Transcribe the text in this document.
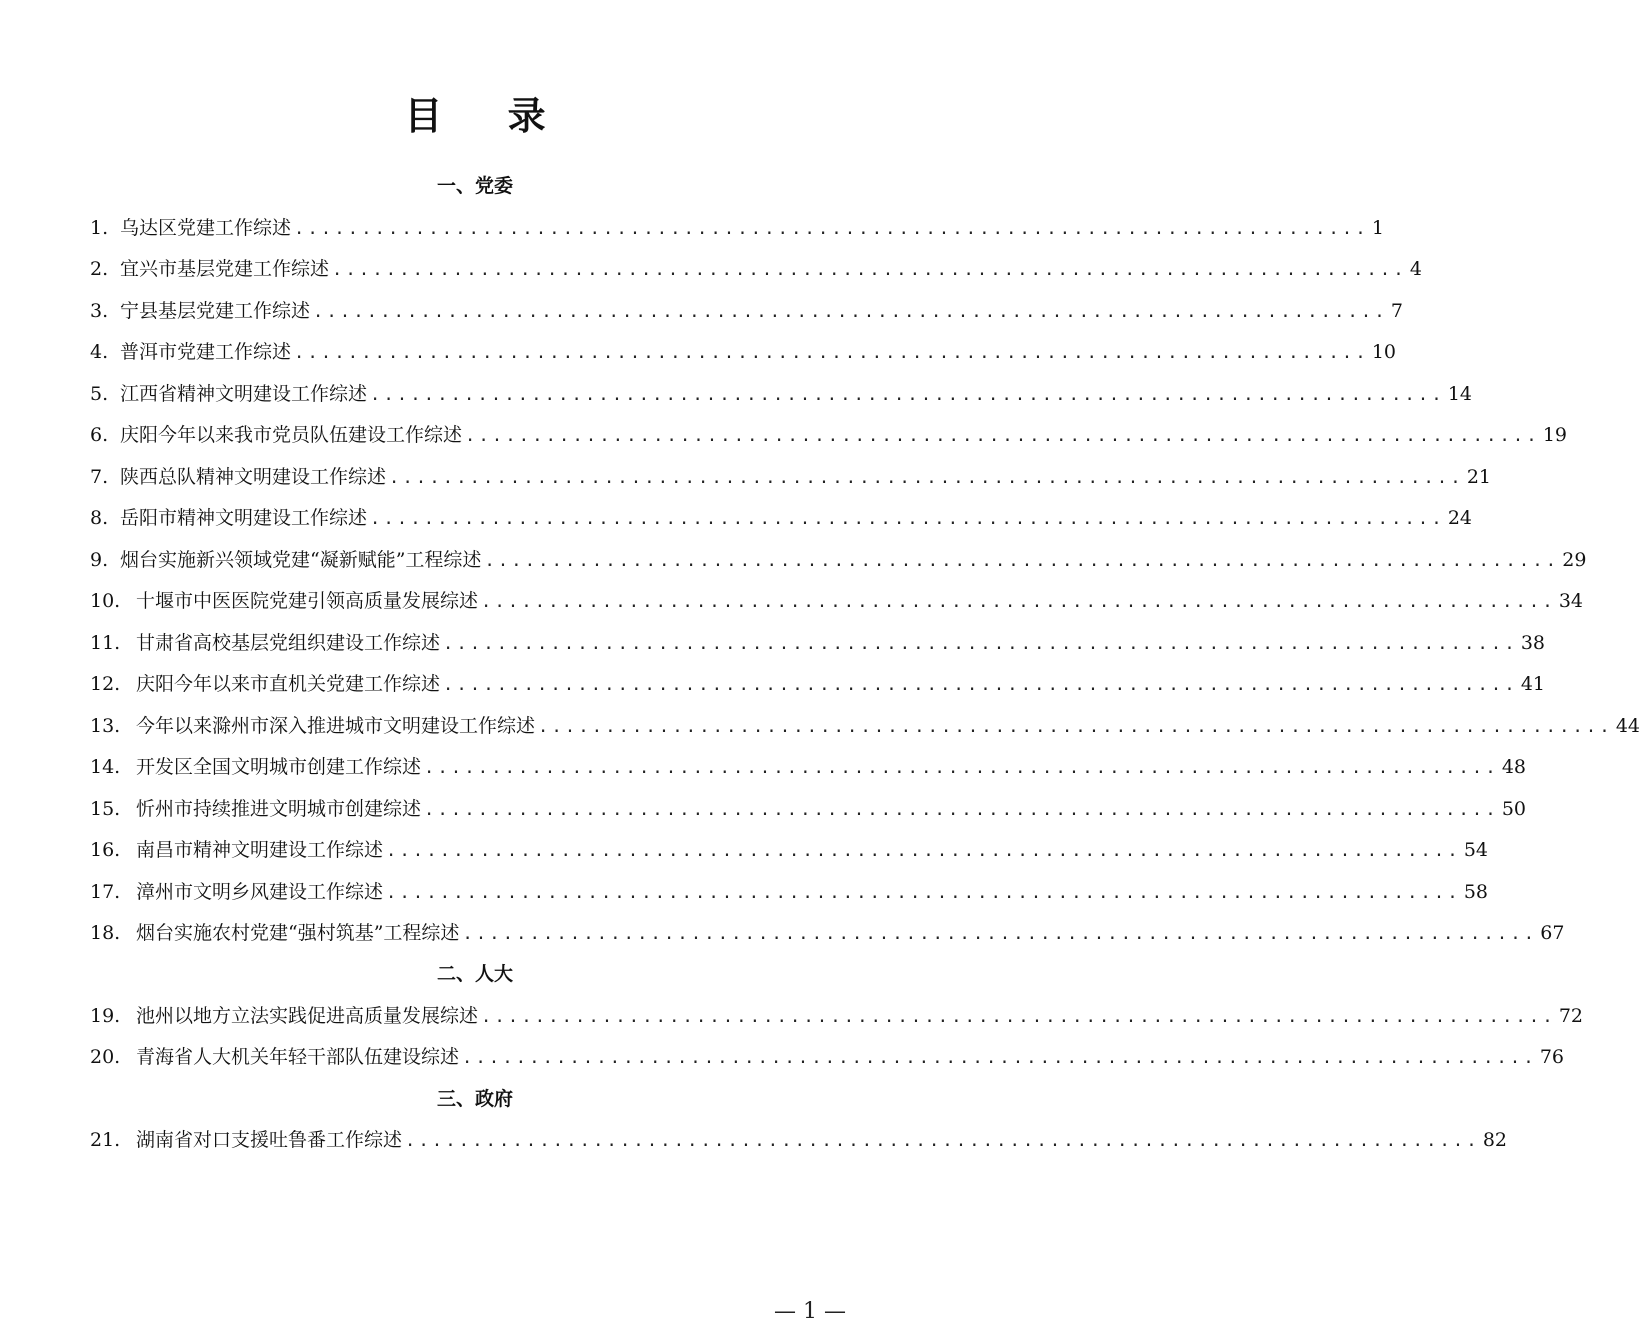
目 录
一、党委
1. 乌达区党建工作综述 ................................................................................ 1
2. 宜兴市基层党建工作综述 ................................................................................ 4
3. 宁县基层党建工作综述 ................................................................................ 7
4. 普洱市党建工作综述 ................................................................................ 10
5. 江西省精神文明建设工作综述 ................................................................................ 14
6. 庆阳今年以来我市党员队伍建设工作综述 ................................................................................ 19
7. 陕西总队精神文明建设工作综述 ................................................................................ 21
8. 岳阳市精神文明建设工作综述 ................................................................................ 24
9. 烟台实施新兴领域党建“凝新赋能”工程综述 ................................................................................ 29
10. 十堰市中医医院党建引领高质量发展综述 ................................................................................ 34
11. 甘肃省高校基层党组织建设工作综述 ................................................................................ 38
12. 庆阳今年以来市直机关党建工作综述 ................................................................................ 41
13. 今年以来滁州市深入推进城市文明建设工作综述 ................................................................................ 44
14. 开发区全国文明城市创建工作综述 ................................................................................ 48
15. 忻州市持续推进文明城市创建综述 ................................................................................ 50
16. 南昌市精神文明建设工作综述 ................................................................................ 54
17. 漳州市文明乡风建设工作综述 ................................................................................ 58
18. 烟台实施农村党建“强村筑基”工程综述 ................................................................................ 67
二、人大
19. 池州以地方立法实践促进高质量发展综述 ................................................................................ 72
20. 青海省人大机关年轻干部队伍建设综述 ................................................................................ 76
三、政府
21. 湖南省对口支援吐鲁番工作综述 ................................................................................ 82
— 1 —
